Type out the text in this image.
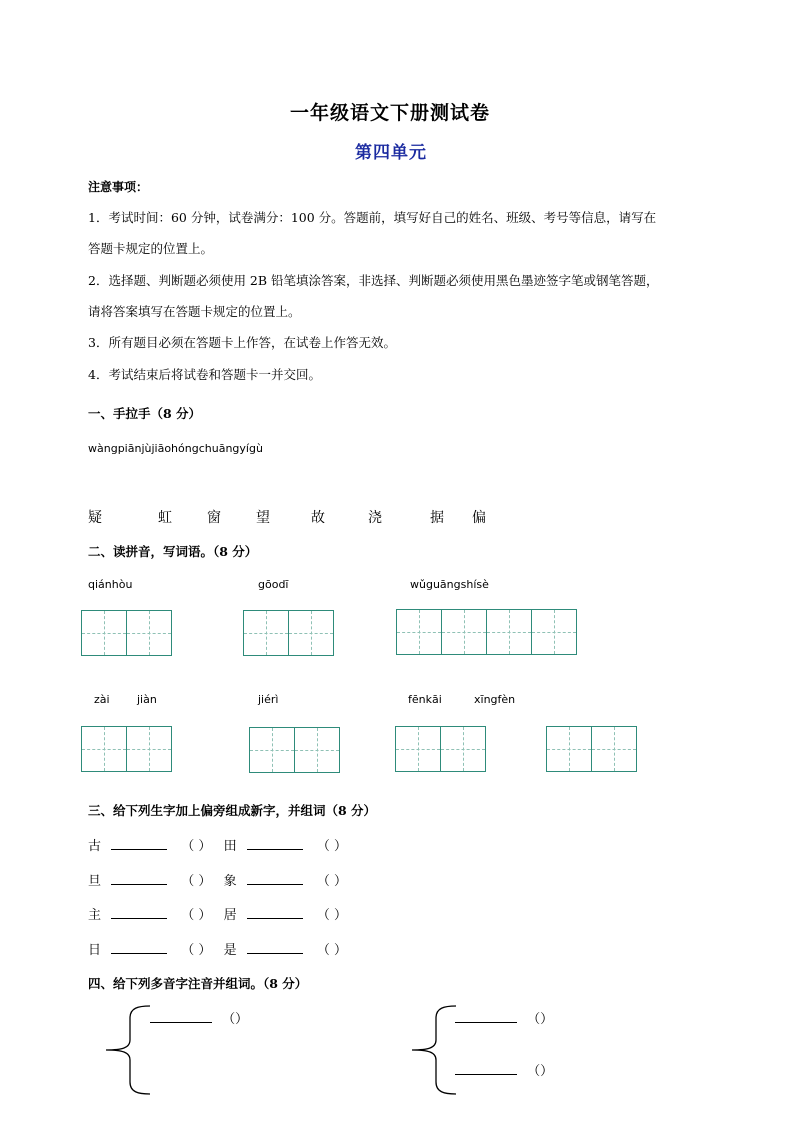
一年级语文下册测试卷
第四单元
注意事项：
1．考试时间：60 分钟，试卷满分：100 分。答题前，填写好自己的姓名、班级、考号等信息，请写在
答题卡规定的位置上。
2．选择题、判断题必须使用 2B 铅笔填涂答案，非选择、判断题必须使用黑色墨迹签字笔或钢笔答题，
请将答案填写在答题卡规定的位置上。
3．所有题目必须在答题卡上作答，在试卷上作答无效。
4．考试结束后将试卷和答题卡一并交回。
一、手拉手（8 分）
wàngpiānjùjiāohóngchuāngyígù
疑	虹	窗	望	故	浇	据 偏
二、读拼音，写词语。（8 分）
qiánhòu	gōodī	wǔguāngshísè
zài jiàn	jiérì	fēnkāi	xīngfèn
三、给下列生字加上偏旁组成新字，并组词（8 分）
古	（ ） 田	（ ）
旦	（ ） 象	（ ）
主	（ ） 居	（ ）
日	（ ） 是	（ ）
四、给下列多音字注音并组词。（8 分）
（）	（）
（）
